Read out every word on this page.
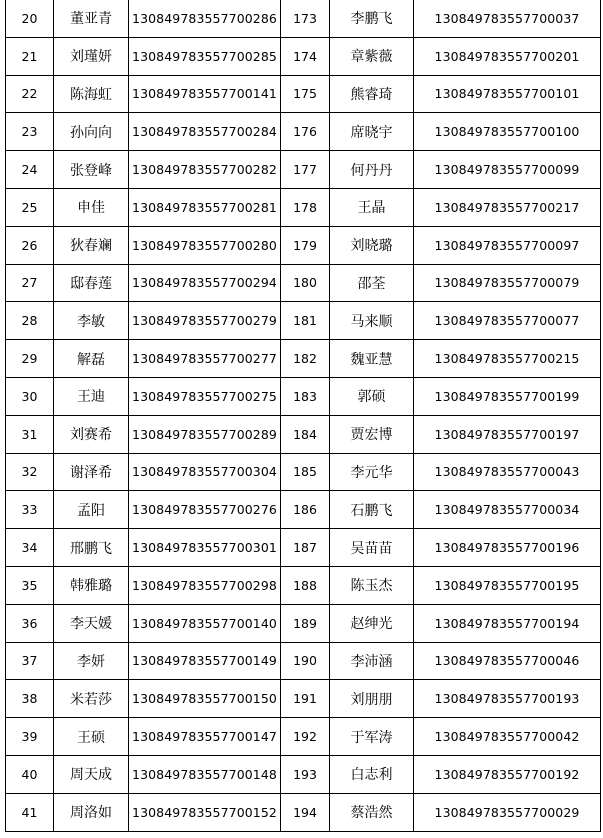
20	董亚青	130849783557700286	173	李鹏飞	130849783557700037
21	刘瑾妍	130849783557700285	174	章紫薇	130849783557700201
22	陈海虹	130849783557700141	175	熊睿琦	130849783557700101
23	孙向向	130849783557700284	176	席晓宇	130849783557700100
24	张登峰	130849783557700282	177	何丹丹	130849783557700099
25	申佳	130849783557700281	178	王晶	130849783557700217
26	狄春斓	130849783557700280	179	刘晓璐	130849783557700097
27	邸春莲	130849783557700294	180	邵荃	130849783557700079
28	李敏	130849783557700279	181	马来顺	130849783557700077
29	解磊	130849783557700277	182	魏亚慧	130849783557700215
30	王迪	130849783557700275	183	郭硕	130849783557700199
31	刘赛希	130849783557700289	184	贾宏博	130849783557700197
32	谢泽希	130849783557700304	185	李元华	130849783557700043
33	孟阳	130849783557700276	186	石鹏飞	130849783557700034
34	邢鹏飞	130849783557700301	187	吴苗苗	130849783557700196
35	韩雅璐	130849783557700298	188	陈玉杰	130849783557700195
36	李天媛	130849783557700140	189	赵绅光	130849783557700194
37	李妍	130849783557700149	190	李沛涵	130849783557700046
38	米若莎	130849783557700150	191	刘朋朋	130849783557700193
39	王硕	130849783557700147	192	于军涛	130849783557700042
40	周天成	130849783557700148	193	白志利	130849783557700192
41	周洛如	130849783557700152	194	蔡浩然	130849783557700029
